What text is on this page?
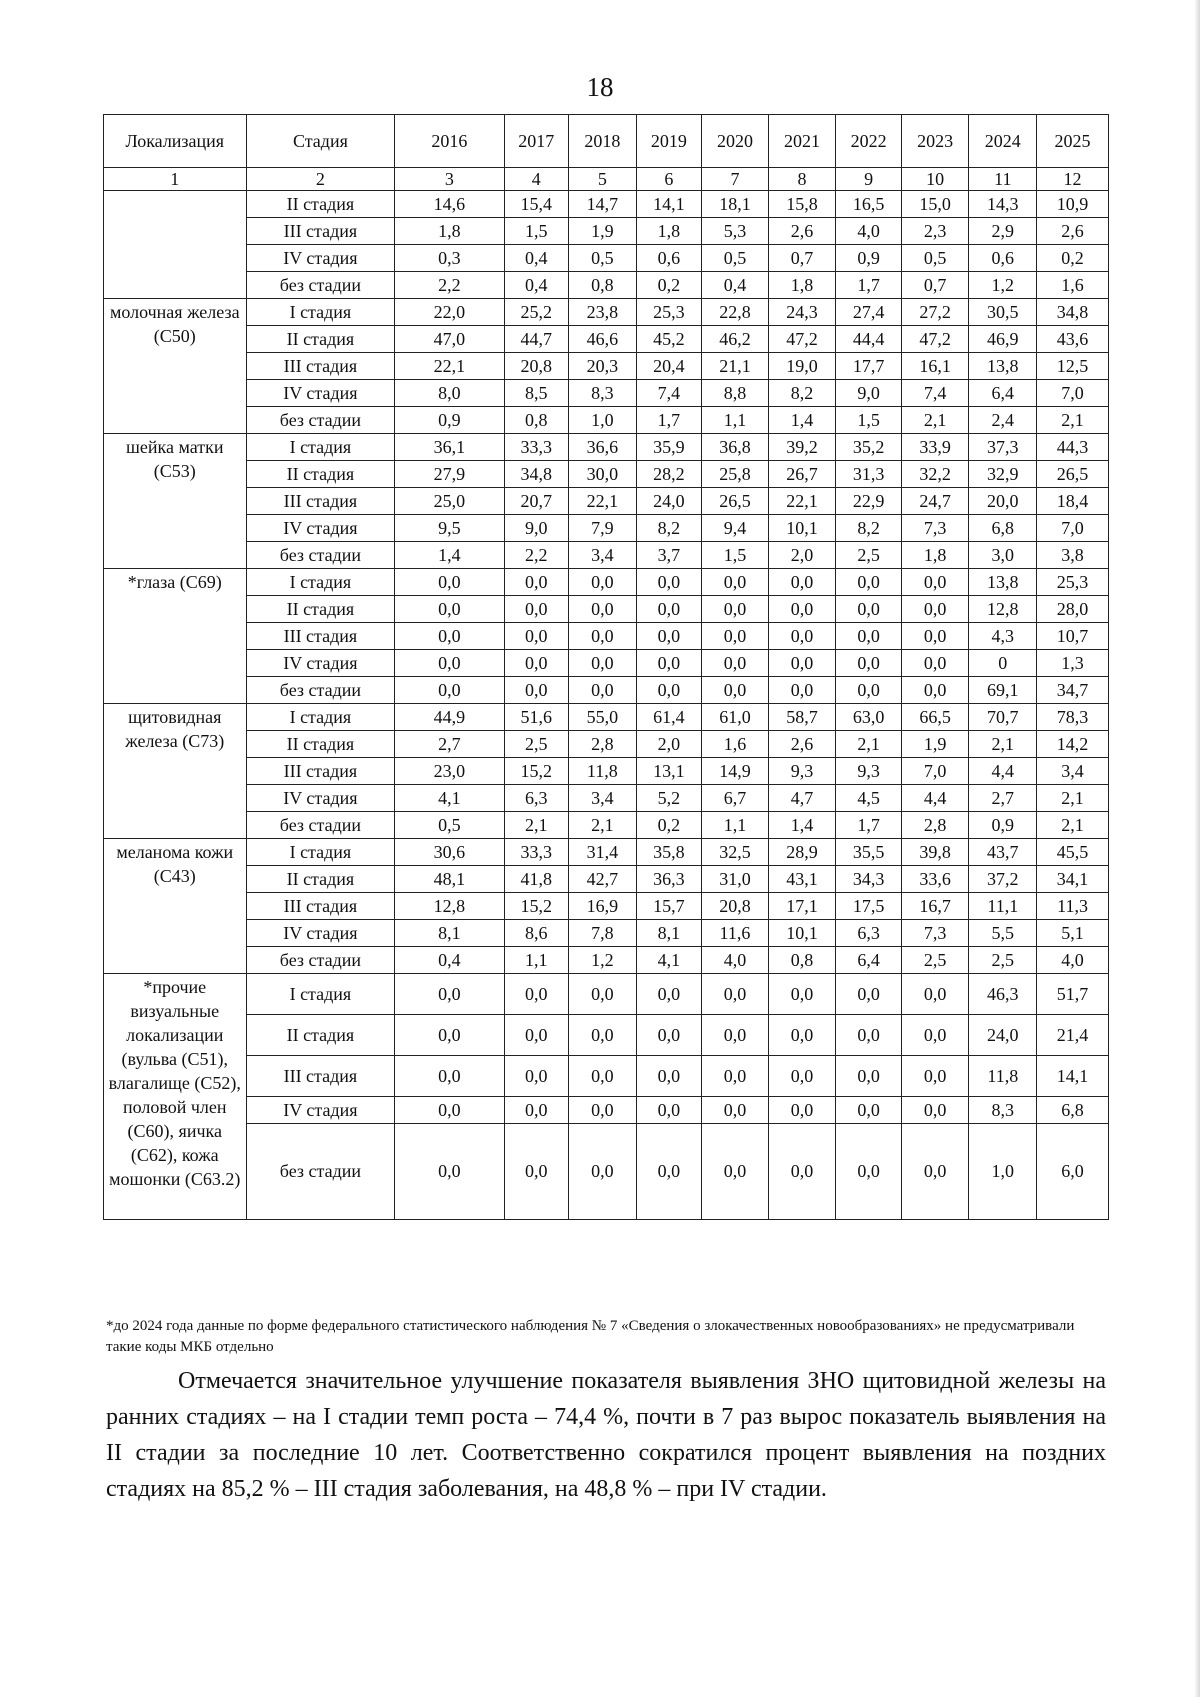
18
Локализация	Стадия	2016	2017	2018	2019	2020	2021	2022	2023	2024	2025
1	2	3	4	5	6	7	8	9	10	11	12
	II стадия	14,6	15,4	14,7	14,1	18,1	15,8	16,5	15,0	14,3	10,9
	III стадия	1,8	1,5	1,9	1,8	5,3	2,6	4,0	2,3	2,9	2,6
	IV стадия	0,3	0,4	0,5	0,6	0,5	0,7	0,9	0,5	0,6	0,2
	без стадии	2,2	0,4	0,8	0,2	0,4	1,8	1,7	0,7	1,2	1,6
молочная железа (С50)	I стадия	22,0	25,2	23,8	25,3	22,8	24,3	27,4	27,2	30,5	34,8
	II стадия	47,0	44,7	46,6	45,2	46,2	47,2	44,4	47,2	46,9	43,6
	III стадия	22,1	20,8	20,3	20,4	21,1	19,0	17,7	16,1	13,8	12,5
	IV стадия	8,0	8,5	8,3	7,4	8,8	8,2	9,0	7,4	6,4	7,0
	без стадии	0,9	0,8	1,0	1,7	1,1	1,4	1,5	2,1	2,4	2,1
шейка матки (С53)	I стадия	36,1	33,3	36,6	35,9	36,8	39,2	35,2	33,9	37,3	44,3
	II стадия	27,9	34,8	30,0	28,2	25,8	26,7	31,3	32,2	32,9	26,5
	III стадия	25,0	20,7	22,1	24,0	26,5	22,1	22,9	24,7	20,0	18,4
	IV стадия	9,5	9,0	7,9	8,2	9,4	10,1	8,2	7,3	6,8	7,0
	без стадии	1,4	2,2	3,4	3,7	1,5	2,0	2,5	1,8	3,0	3,8
*глаза (С69)	I стадия	0,0	0,0	0,0	0,0	0,0	0,0	0,0	0,0	13,8	25,3
	II стадия	0,0	0,0	0,0	0,0	0,0	0,0	0,0	0,0	12,8	28,0
	III стадия	0,0	0,0	0,0	0,0	0,0	0,0	0,0	0,0	4,3	10,7
	IV стадия	0,0	0,0	0,0	0,0	0,0	0,0	0,0	0,0	0	1,3
	без стадии	0,0	0,0	0,0	0,0	0,0	0,0	0,0	0,0	69,1	34,7
щитовидная железа (С73)	I стадия	44,9	51,6	55,0	61,4	61,0	58,7	63,0	66,5	70,7	78,3
	II стадия	2,7	2,5	2,8	2,0	1,6	2,6	2,1	1,9	2,1	14,2
	III стадия	23,0	15,2	11,8	13,1	14,9	9,3	9,3	7,0	4,4	3,4
	IV стадия	4,1	6,3	3,4	5,2	6,7	4,7	4,5	4,4	2,7	2,1
	без стадии	0,5	2,1	2,1	0,2	1,1	1,4	1,7	2,8	0,9	2,1
меланома кожи (С43)	I стадия	30,6	33,3	31,4	35,8	32,5	28,9	35,5	39,8	43,7	45,5
	II стадия	48,1	41,8	42,7	36,3	31,0	43,1	34,3	33,6	37,2	34,1
	III стадия	12,8	15,2	16,9	15,7	20,8	17,1	17,5	16,7	11,1	11,3
	IV стадия	8,1	8,6	7,8	8,1	11,6	10,1	6,3	7,3	5,5	5,1
	без стадии	0,4	1,1	1,2	4,1	4,0	0,8	6,4	2,5	2,5	4,0
*прочие визуальные локализации (вульва (С51), влагалище (С52), половой член (С60), яичка (С62), кожа мошонки (С63.2)	I стадия	0,0	0,0	0,0	0,0	0,0	0,0	0,0	0,0	46,3	51,7
	II стадия	0,0	0,0	0,0	0,0	0,0	0,0	0,0	0,0	24,0	21,4
	III стадия	0,0	0,0	0,0	0,0	0,0	0,0	0,0	0,0	11,8	14,1
	IV стадия	0,0	0,0	0,0	0,0	0,0	0,0	0,0	0,0	8,3	6,8
	без стадии	0,0	0,0	0,0	0,0	0,0	0,0	0,0	0,0	1,0	6,0
*до 2024 года данные по форме федерального статистического наблюдения № 7 «Сведения о злокачественных новообразованиях» не предусматривали такие коды МКБ отдельно
Отмечается значительное улучшение показателя выявления ЗНО щитовидной железы на ранних стадиях – на I стадии темп роста – 74,4 %, почти в 7 раз вырос показатель выявления на II стадии за последние 10 лет. Соответственно сократился процент выявления на поздних стадиях на 85,2 % – III стадия заболевания, на 48,8 % – при IV стадии.
